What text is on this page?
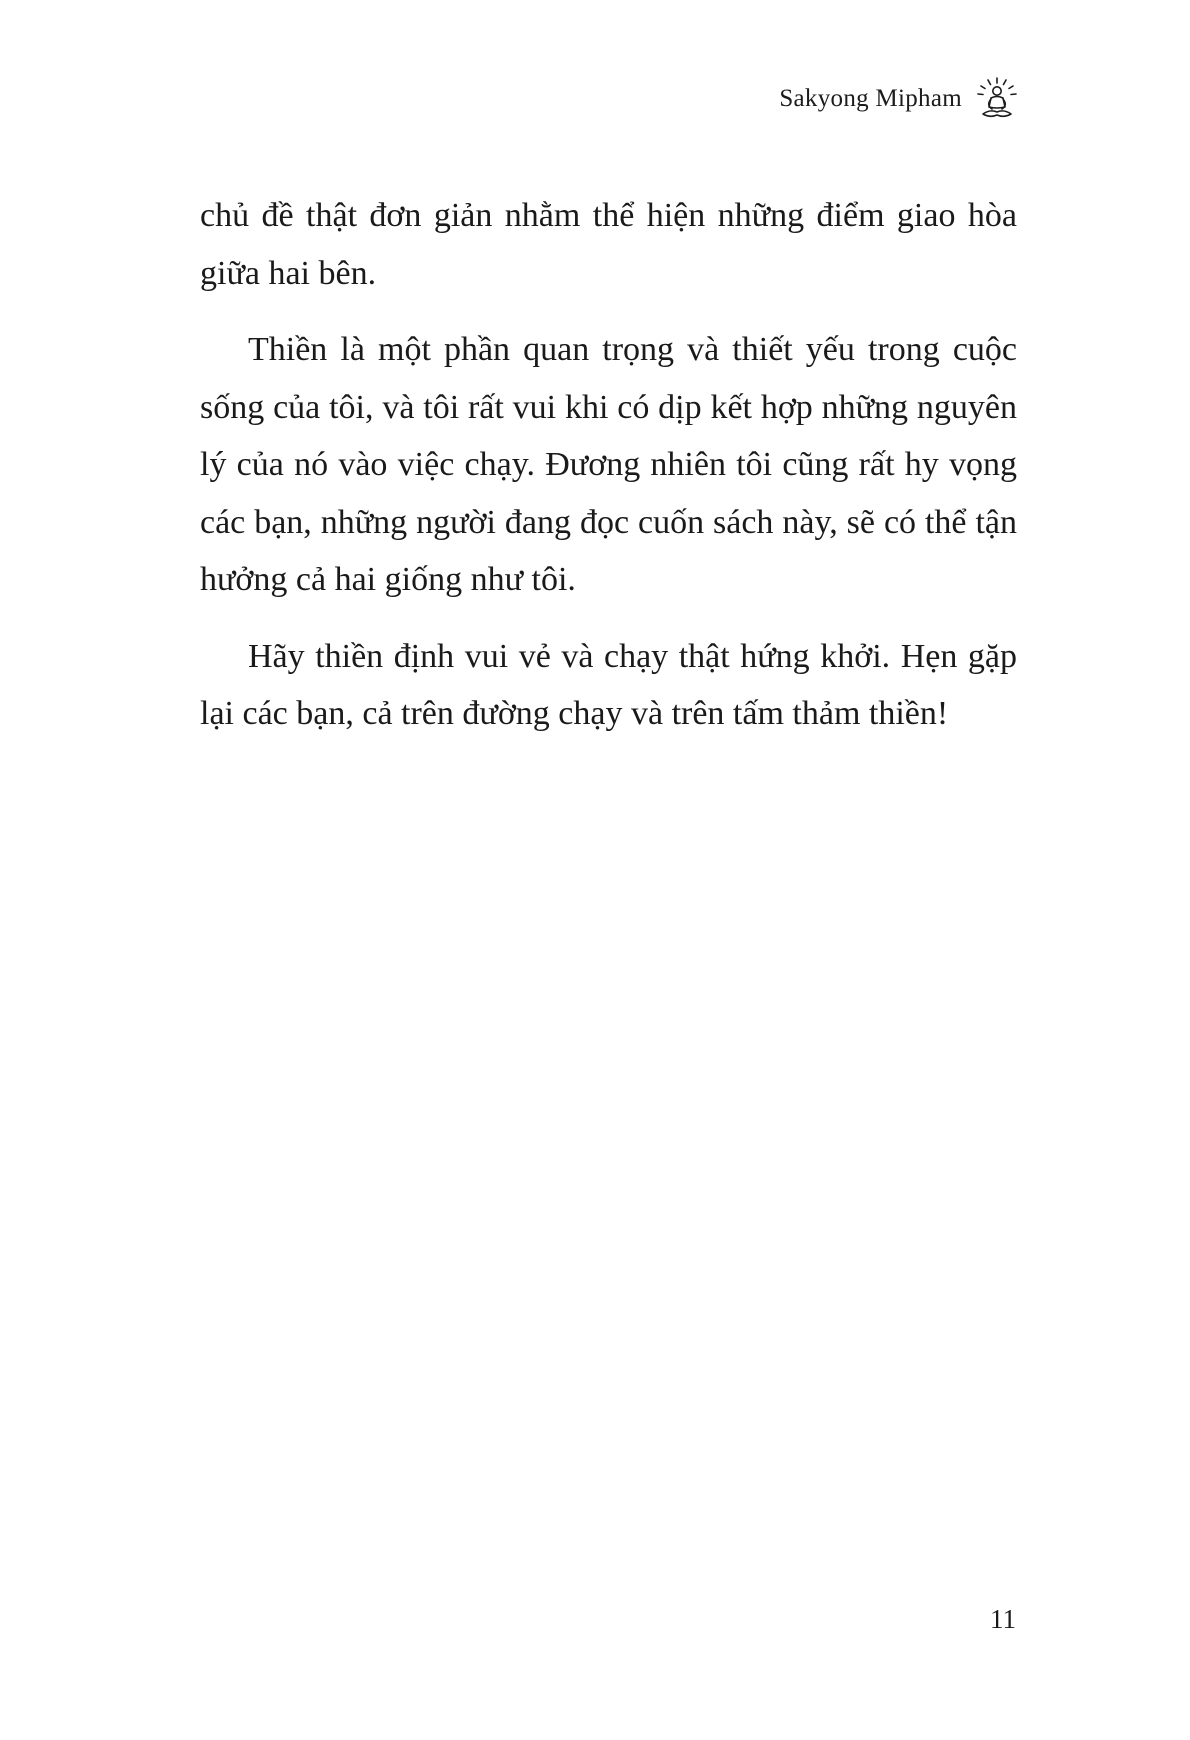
Sakyong Mipham

chủ đề thật đơn giản nhằm thể hiện những điểm giao hòa giữa hai bên.

Thiền là một phần quan trọng và thiết yếu trong cuộc sống của tôi, và tôi rất vui khi có dịp kết hợp những nguyên lý của nó vào việc chạy. Đương nhiên tôi cũng rất hy vọng các bạn, những người đang đọc cuốn sách này, sẽ có thể tận hưởng cả hai giống như tôi.

Hãy thiền định vui vẻ và chạy thật hứng khởi. Hẹn gặp lại các bạn, cả trên đường chạy và trên tấm thảm thiền!

11
